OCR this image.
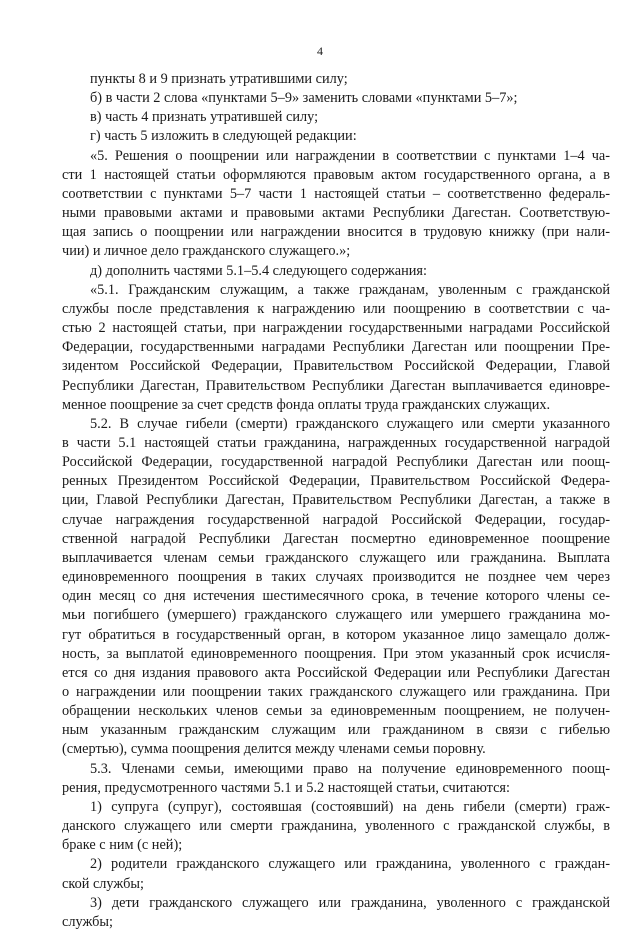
4
пункты 8 и 9 признать утратившими силу;
б) в части 2 слова «пунктами 5–9» заменить словами «пунктами 5–7»;
в) часть 4 признать утратившей силу;
г) часть 5 изложить в следующей редакции:
«5. Решения о поощрении или награждении в соответствии с пунктами 1–4 ча-
сти 1 настоящей статьи оформляются правовым актом государственного органа, а в
соответствии с пунктами 5–7 части 1 настоящей статьи – соответственно федераль-
ными правовыми актами и правовыми актами Республики Дагестан. Соответствую-
щая запись о поощрении или награждении вносится в трудовую книжку (при нали-
чии) и личное дело гражданского служащего.»;
д) дополнить частями 5.1–5.4 следующего содержания:
«5.1. Гражданским служащим, а также гражданам, уволенным с гражданской
службы после представления к награждению или поощрению в соответствии с ча-
стью 2 настоящей статьи, при награждении государственными наградами Российской
Федерации, государственными наградами Республики Дагестан или поощрении Пре-
зидентом Российской Федерации, Правительством Российской Федерации, Главой
Республики Дагестан, Правительством Республики Дагестан выплачивается единовре-
менное поощрение за счет средств фонда оплаты труда гражданских служащих.
5.2. В случае гибели (смерти) гражданского служащего или смерти указанного
в части 5.1 настоящей статьи гражданина, награжденных государственной наградой
Российской Федерации, государственной наградой Республики Дагестан или поощ-
ренных Президентом Российской Федерации, Правительством Российской Федера-
ции, Главой Республики Дагестан, Правительством Республики Дагестан, а также в
случае награждения государственной наградой Российской Федерации, государ-
ственной наградой Республики Дагестан посмертно единовременное поощрение
выплачивается членам семьи гражданского служащего или гражданина. Выплата
единовременного поощрения в таких случаях производится не позднее чем через
один месяц со дня истечения шестимесячного срока, в течение которого члены се-
мьи погибшего (умершего) гражданского служащего или умершего гражданина мо-
гут обратиться в государственный орган, в котором указанное лицо замещало долж-
ность, за выплатой единовременного поощрения. При этом указанный срок исчисля-
ется со дня издания правового акта Российской Федерации или Республики Дагестан
о награждении или поощрении таких гражданского служащего или гражданина. При
обращении нескольких членов семьи за единовременным поощрением, не получен-
ным указанным гражданским служащим или гражданином в связи с гибелью
(смертью), сумма поощрения делится между членами семьи поровну.
5.3. Членами семьи, имеющими право на получение единовременного поощ-
рения, предусмотренного частями 5.1 и 5.2 настоящей статьи, считаются:
1) супруга (супруг), состоявшая (состоявший) на день гибели (смерти) граж-
данского служащего или смерти гражданина, уволенного с гражданской службы, в
браке с ним (с ней);
2) родители гражданского служащего или гражданина, уволенного с граждан-
ской службы;
3) дети гражданского служащего или гражданина, уволенного с гражданской
службы;
